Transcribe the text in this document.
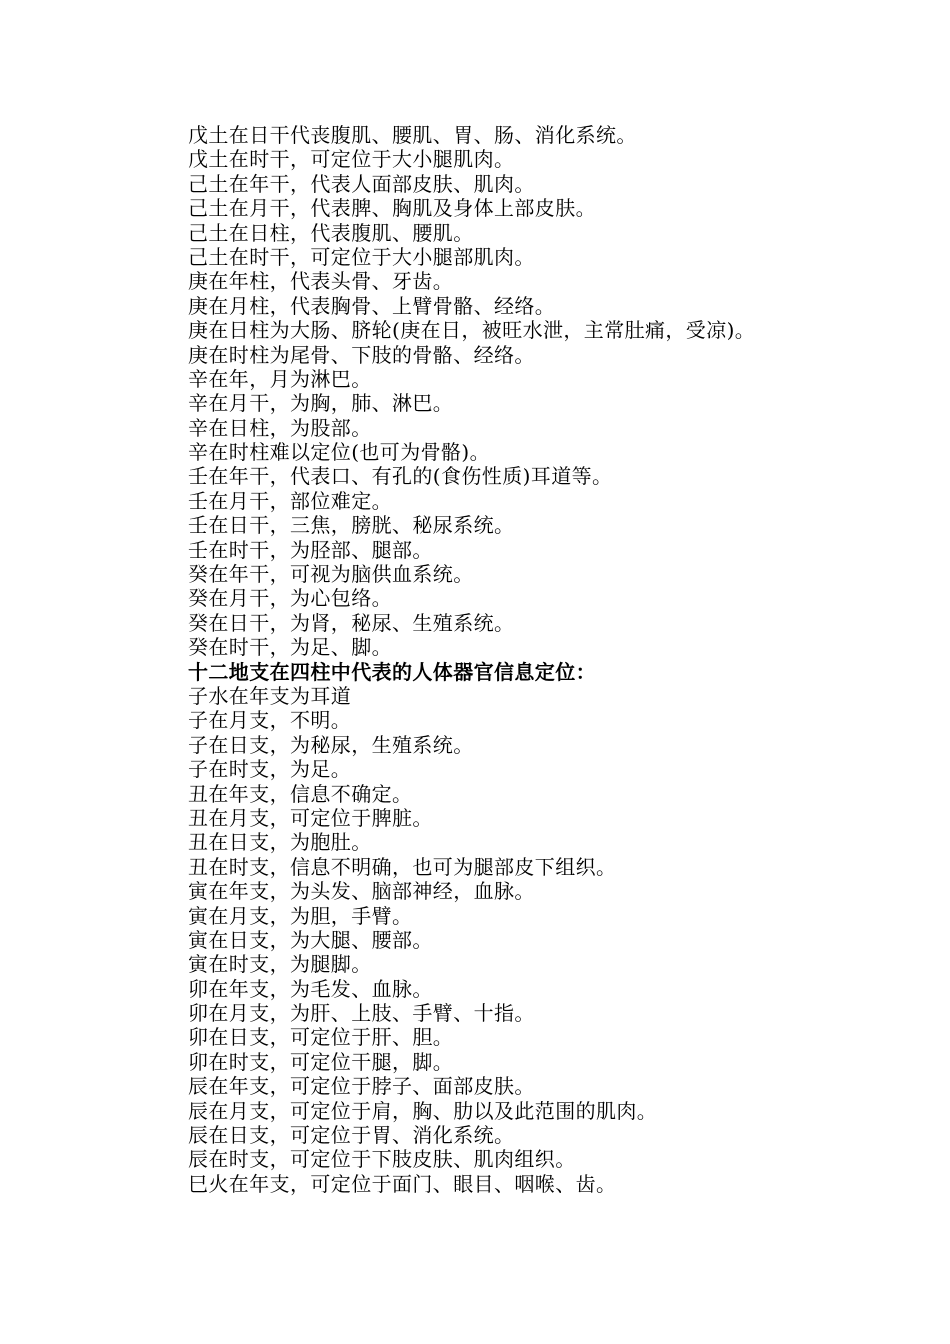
戊土在日干代丧腹肌、腰肌、胃、肠、消化系统。
戊土在时干，可定位于大小腿肌肉。
己土在年干，代表人面部皮肤、肌肉。
己土在月干，代表脾、胸肌及身体上部皮肤。
己土在日柱，代表腹肌、腰肌。
己土在时干，可定位于大小腿部肌肉。
庚在年柱，代表头骨、牙齿。
庚在月柱，代表胸骨、上臂骨骼、经络。
庚在日柱为大肠、脐轮(庚在日，被旺水泄，主常肚痛，受凉)。
庚在时柱为尾骨、下肢的骨骼、经络。
辛在年，月为淋巴。
辛在月干，为胸，肺、淋巴。
辛在日柱，为股部。
辛在时柱难以定位(也可为骨骼)。
壬在年干，代表口、有孔的(食伤性质)耳道等。
壬在月干，部位难定。
壬在日干，三焦，膀胱、秘尿系统。
壬在时干，为胫部、腿部。
癸在年干，可视为脑供血系统。
癸在月干，为心包络。
癸在日干，为肾，秘尿、生殖系统。
癸在时干，为足、脚。
十二地支在四柱中代表的人体器官信息定位：
子水在年支为耳道
子在月支，不明。
子在日支，为秘尿，生殖系统。
子在时支，为足。
丑在年支，信息不确定。
丑在月支，可定位于脾脏。
丑在日支，为胞肚。
丑在时支，信息不明确，也可为腿部皮下组织。
寅在年支，为头发、脑部神经，血脉。
寅在月支，为胆，手臂。
寅在日支，为大腿、腰部。
寅在时支，为腿脚。
卯在年支，为毛发、血脉。
卯在月支，为肝、上肢、手臂、十指。
卯在日支，可定位于肝、胆。
卯在时支，可定位干腿，脚。
辰在年支，可定位于脖子、面部皮肤。
辰在月支，可定位于肩，胸、肋以及此范围的肌肉。
辰在日支，可定位于胃、消化系统。
辰在时支，可定位于下肢皮肤、肌肉组织。
巳火在年支，可定位于面门、眼目、咽喉、齿。
